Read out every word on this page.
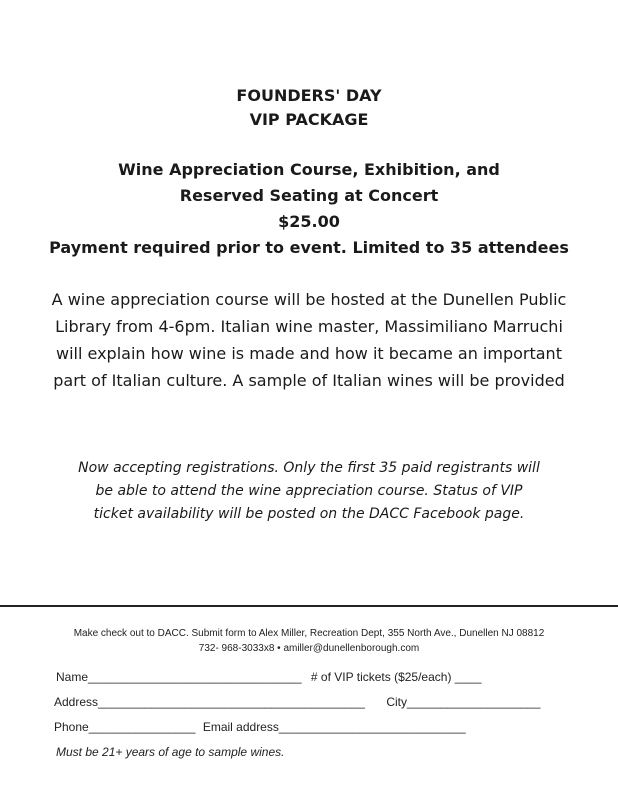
FOUNDERS' DAY
VIP PACKAGE
Wine Appreciation Course, Exhibition, and
Reserved Seating at Concert
$25.00
Payment required prior to event. Limited to 35 attendees
A wine appreciation course will be hosted at the Dunellen Public
Library from 4-6pm. Italian wine master, Massimiliano Marruchi
will explain how wine is made and how it became an important
part of Italian culture. A sample of Italian wines will be provided
Now accepting registrations. Only the first 35 paid registrants will
be able to attend the wine appreciation course. Status of VIP
ticket availability will be posted on the DACC Facebook page.
Make check out to DACC. Submit form to Alex Miller, Recreation Dept, 355 North Ave., Dunellen NJ 08812
732- 968-3033x8 • amiller@dunellenborough.com
Name________________________________ # of VIP tickets ($25/each) ____
Address________________________________________ City____________________
Phone________________ Email address____________________________
Must be 21+ years of age to sample wines.
